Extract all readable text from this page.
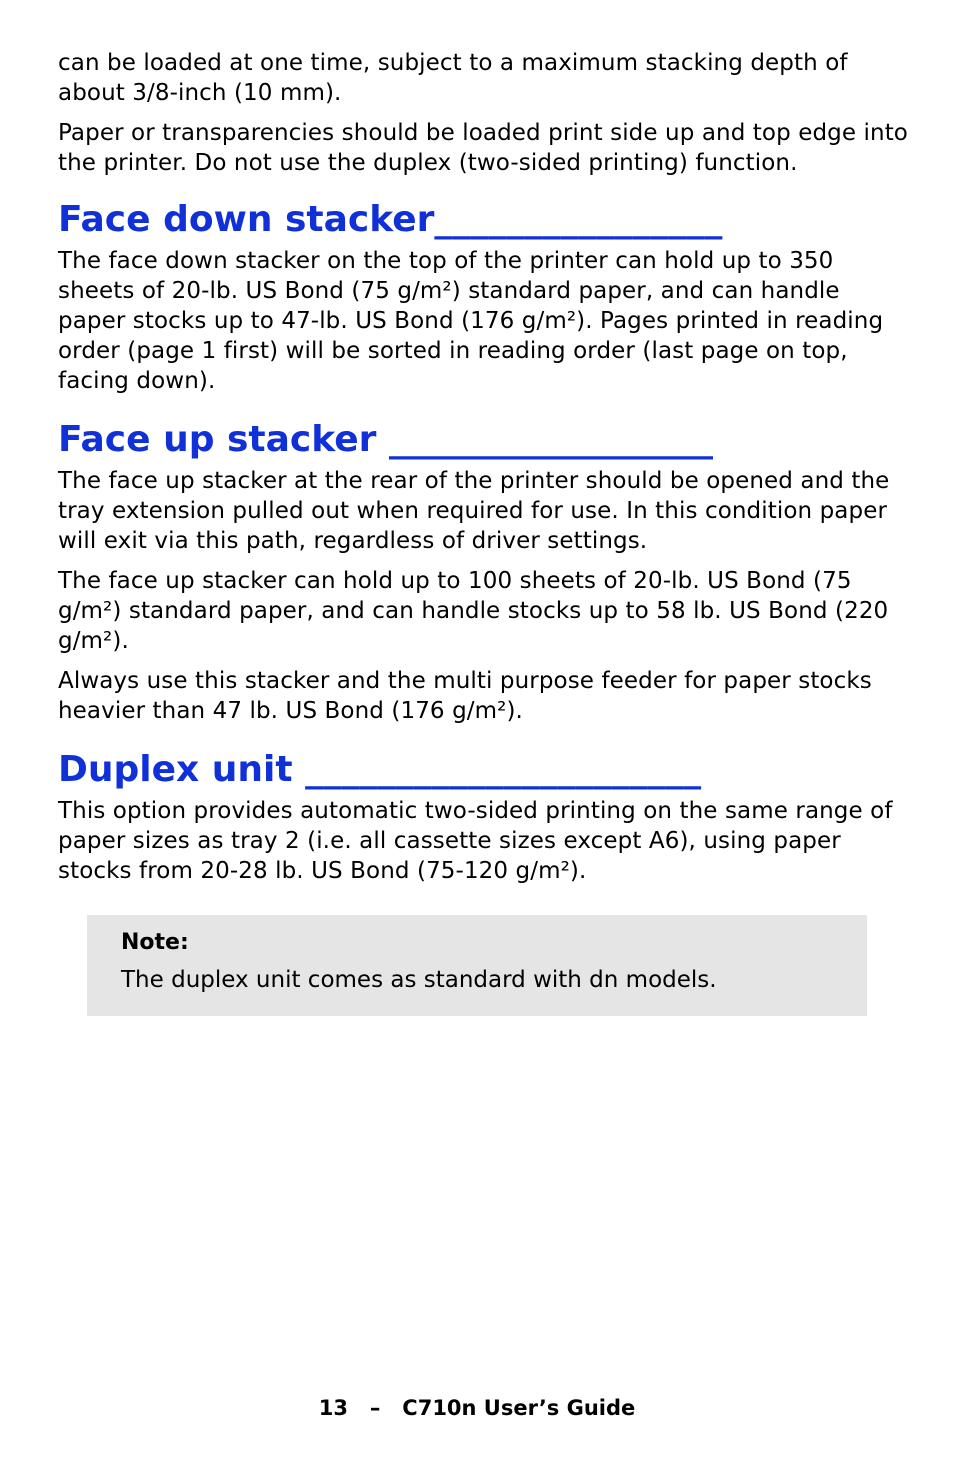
can be loaded at one time, subject to a maximum stacking depth of about 3/8-inch (10 mm).

Paper or transparencies should be loaded print side up and top edge into the printer. Do not use the duplex (two-sided printing) function.

Face down stacker________________

The face down stacker on the top of the printer can hold up to 350 sheets of 20-lb. US Bond (75 g/m²) standard paper, and can handle paper stocks up to 47-lb. US Bond (176 g/m²). Pages printed in reading order (page 1 first) will be sorted in reading order (last page on top, facing down).

Face up stacker __________________

The face up stacker at the rear of the printer should be opened and the tray extension pulled out when required for use. In this condition paper will exit via this path, regardless of driver settings.

The face up stacker can hold up to 100 sheets of 20-lb. US Bond (75 g/m²) standard paper, and can handle stocks up to 58 lb. US Bond (220 g/m²).

Always use this stacker and the multi purpose feeder for paper stocks heavier than 47 lb. US Bond (176 g/m²).

Duplex unit ______________________

This option provides automatic two-sided printing on the same range of paper sizes as tray 2 (i.e. all cassette sizes except A6), using paper stocks from 20-28 lb. US Bond (75-120 g/m²).

Note:
The duplex unit comes as standard with dn models.
13   –   C710n User’s Guide
